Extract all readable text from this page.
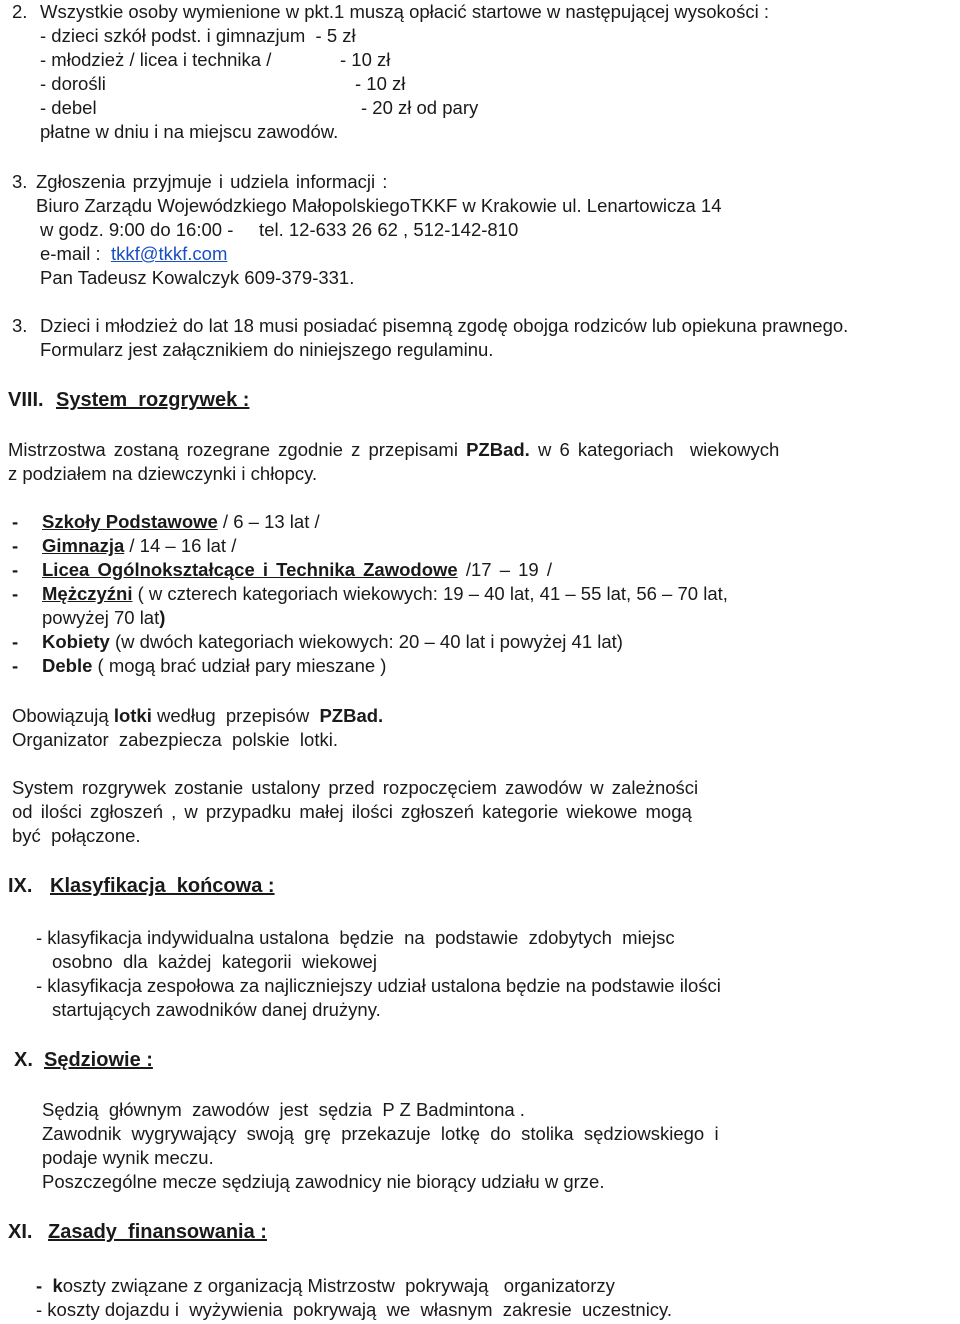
2. Wszystkie osoby wymienione w pkt.1 muszą opłacić startowe w następującej wysokości :
- dzieci szkół podst. i gimnazjum  - 5 zł
- młodzież / licea i technika /	- 10 zł
- dorośli	- 10 zł
- debel	- 20 zł od pary
płatne w dniu i na miejscu zawodów.
3. Zgłoszenia przyjmuje i udziela informacji :
Biuro Zarządu Wojewódzkiego MałopolskiegoTKKF w Krakowie ul. Lenartowicza 14
w godz. 9:00 do 16:00 -     tel. 12-633 26 62 , 512-142-810
e-mail :  tkkf@tkkf.com
Pan Tadeusz Kowalczyk 609-379-331.
3. Dzieci i młodzież do lat 18 musi posiadać pisemną zgodę obojga rodziców lub opiekuna prawnego.
Formularz jest załącznikiem do niniejszego regulaminu.
VIII. System  rozgrywek :
Mistrzostwa zostaną rozegrane zgodnie z przepisami PZBad. w 6 kategoriach  wiekowych
z podziałem na dziewczynki i chłopcy.
- Szkoły Podstawowe / 6 – 13 lat /
- Gimnazja / 14 – 16 lat /
- Licea Ogólnokształcące i Technika Zawodowe /17 – 19 /
- Mężczyźni ( w czterech kategoriach wiekowych: 19 – 40 lat, 41 – 55 lat, 56 – 70 lat,
powyżej 70 lat)
- Kobiety (w dwóch kategoriach wiekowych: 20 – 40 lat i powyżej 41 lat)
- Deble ( mogą brać udział pary mieszane )
Obowiązują lotki według  przepisów  PZBad.
Organizator  zabezpiecza  polskie  lotki.
System rozgrywek zostanie ustalony przed rozpoczęciem zawodów w zależności
od ilości zgłoszeń , w przypadku małej ilości zgłoszeń kategorie wiekowe mogą
być  połączone.
IX. Klasyfikacja  końcowa :
- klasyfikacja indywidualna ustalona  będzie  na  podstawie  zdobytych  miejsc
osobno  dla  każdej  kategorii  wiekowej
- klasyfikacja zespołowa za najliczniejszy udział ustalona będzie na podstawie ilości
startujących zawodników danej drużyny.
X. Sędziowie :
Sędzią  głównym  zawodów  jest  sędzia  P Z Badmintona .
Zawodnik  wygrywający  swoją  grę  przekazuje  lotkę  do  stolika  sędziowskiego  i
podaje wynik meczu.
Poszczególne mecze sędziują zawodnicy nie biorący udziału w grze.
XI. Zasady  finansowania :
-  koszty związane z organizacją Mistrzostw  pokrywają   organizatorzy
- koszty dojazdu i  wyżywienia  pokrywają  we  własnym  zakresie  uczestnicy.
